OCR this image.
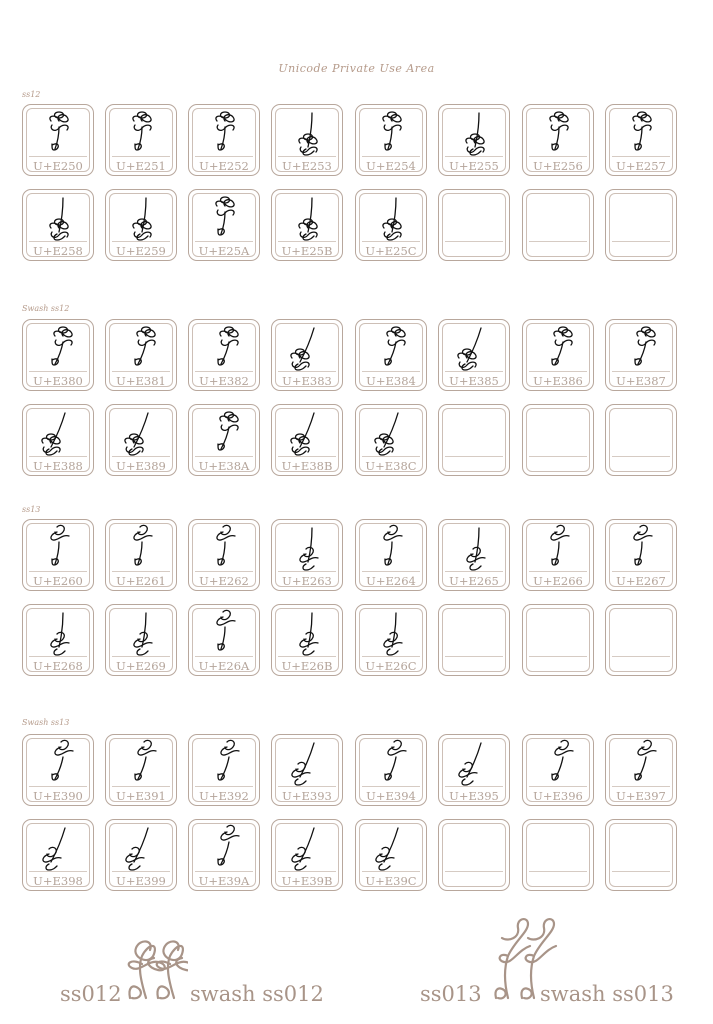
Unicode Private Use Area
ss12
U+E250	U+E251	U+E252	U+E253	U+E254	U+E255	U+E256	U+E257
U+E258	U+E259	U+E25A	U+E25B	U+E25C
Swash ss12
U+E380	U+E381	U+E382	U+E383	U+E384	U+E385	U+E386	U+E387
U+E388	U+E389	U+E38A	U+E38B	U+E38C
ss13
U+E260	U+E261	U+E262	U+E263	U+E264	U+E265	U+E266	U+E267
U+E268	U+E269	U+E26A	U+E26B	U+E26C
Swash ss13
U+E390	U+E391	U+E392	U+E393	U+E394	U+E395	U+E396	U+E397
U+E398	U+E399	U+E39A	U+E39B	U+E39C
ss012	swash ss012	ss013	swash ss013
